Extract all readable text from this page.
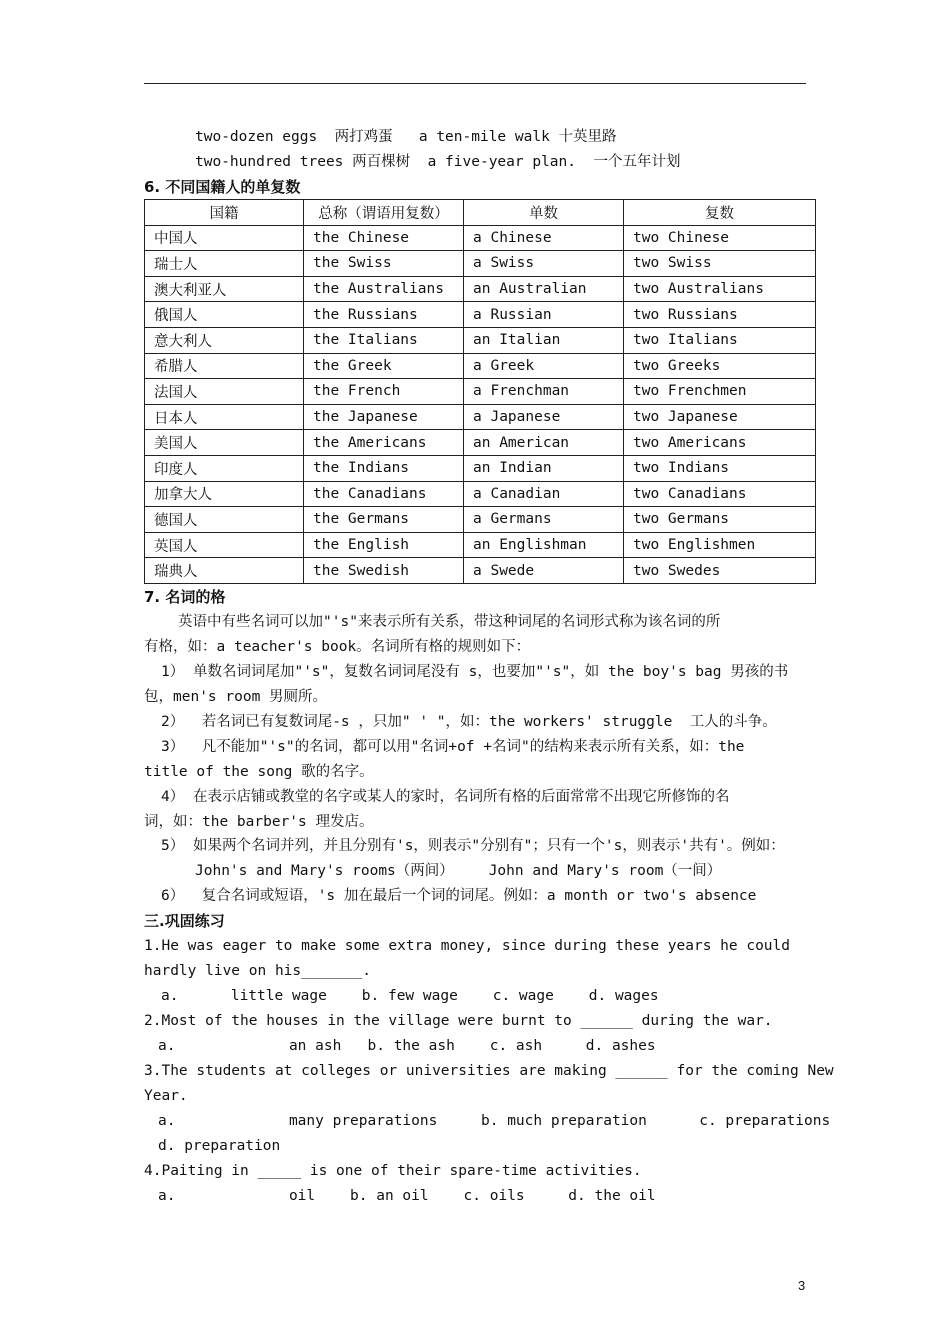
two-dozen eggs  两打鸡蛋   a ten-mile walk 十英里路
two-hundred trees 两百棵树  a five-year plan.  一个五年计划
6. 不同国籍人的单复数
国籍	总称（谓语用复数）	单数	复数
中国人	the Chinese	a Chinese	two Chinese
瑞士人	the Swiss	a Swiss	two Swiss
澳大利亚人	the Australians	an Australian	two Australians
俄国人	the Russians	a Russian	two Russians
意大利人	the Italians	an Italian	two Italians
希腊人	the Greek	a Greek	two Greeks
法国人	the French	a Frenchman	two Frenchmen
日本人	the Japanese	a Japanese	two Japanese
美国人	the Americans	an American	two Americans
印度人	the Indians	an Indian	two Indians
加拿大人	the Canadians	a Canadian	two Canadians
德国人	the Germans	a Germans	two Germans
英国人	the English	an Englishman	two Englishmen
瑞典人	the Swedish	a Swede	two Swedes
7. 名词的格
英语中有些名词可以加"'s"来表示所有关系，带这种词尾的名词形式称为该名词的所
有格，如：a teacher's book。名词所有格的规则如下：
1） 单数名词词尾加"'s"，复数名词词尾没有 s，也要加"'s"，如 the boy's bag 男孩的书
包，men's room 男厕所。
2）  若名词已有复数词尾-s ，只加" ' "，如：the workers' struggle  工人的斗争。
3）  凡不能加"'s"的名词，都可以用"名词+of +名词"的结构来表示所有关系，如：the
title of the song 歌的名字。
4） 在表示店铺或教堂的名字或某人的家时，名词所有格的后面常常不出现它所修饰的名
词，如：the barber's 理发店。
5） 如果两个名词并列，并且分别有's，则表示"分别有"；只有一个's，则表示'共有'。例如：
John's and Mary's rooms（两间）    John and Mary's room（一间）
6）  复合名词或短语，'s 加在最后一个词的词尾。例如：a month or two's absence
三.巩固练习
1.He was eager to make some extra money, since during these years he could
hardly live on his_______.
a.      little wage    b. few wage    c. wage    d. wages
2.Most of the houses in the village were burnt to ______ during the war.
a.             an ash   b. the ash    c. ash     d. ashes
3.The students at colleges or universities are making ______ for the coming New
Year.
a.             many preparations     b. much preparation      c. preparations
d. preparation
4.Paiting in _____ is one of their spare-time activities.
a.             oil    b. an oil    c. oils     d. the oil
3
